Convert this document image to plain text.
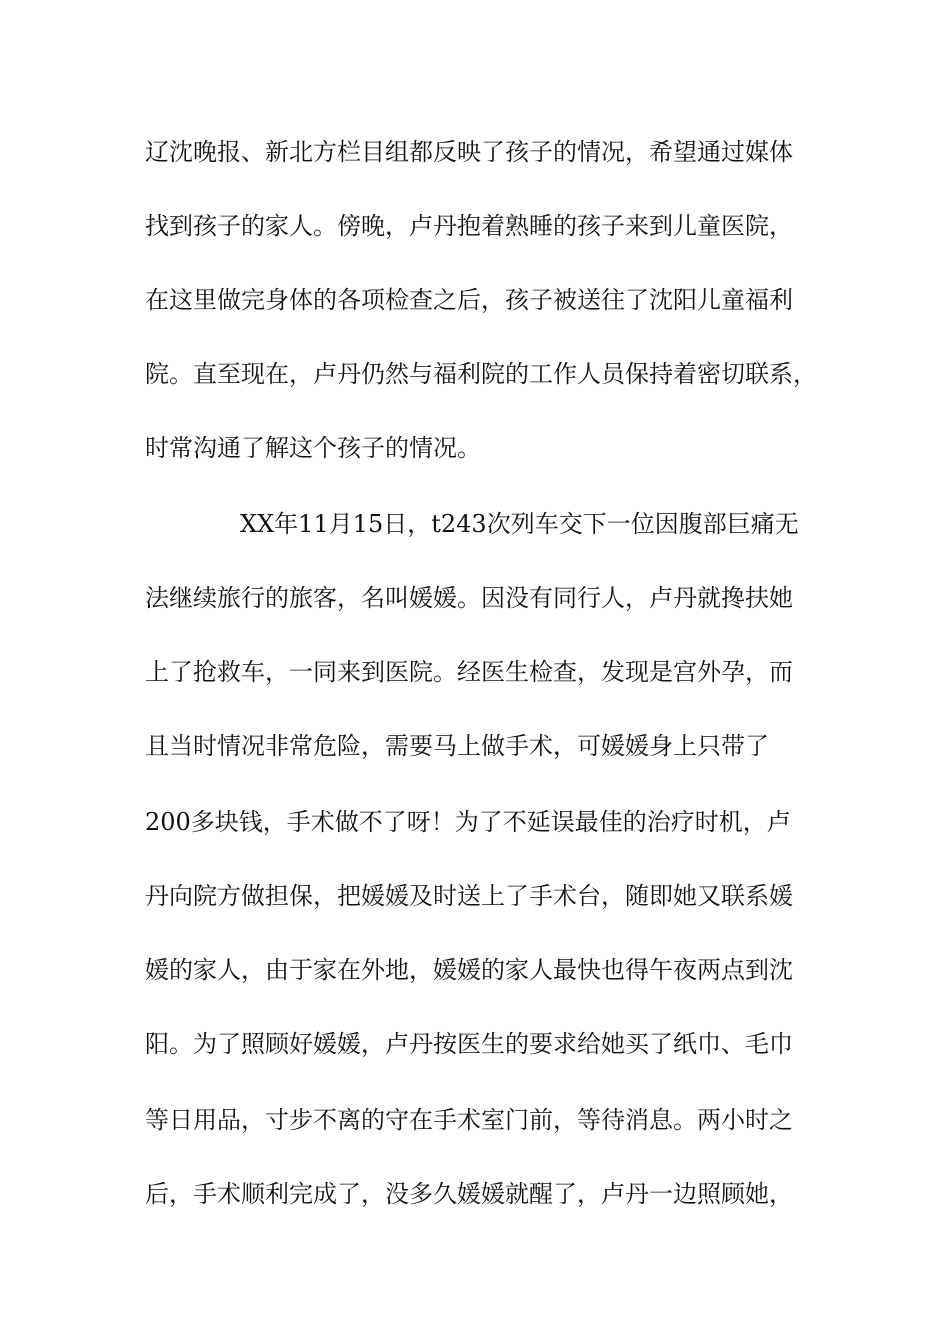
辽沈晚报、新北方栏目组都反映了孩子的情况，希望通过媒体
找到孩子的家人。傍晚，卢丹抱着熟睡的孩子来到儿童医院，
在这里做完身体的各项检查之后，孩子被送往了沈阳儿童福利
院。直至现在，卢丹仍然与福利院的工作人员保持着密切联系，
时常沟通了解这个孩子的情况。
XX年11月15日，t243次列车交下一位因腹部巨痛无
法继续旅行的旅客，名叫媛媛。因没有同行人，卢丹就搀扶她
上了抢救车，一同来到医院。经医生检查，发现是宫外孕，而
且当时情况非常危险，需要马上做手术，可媛媛身上只带了
200多块钱，手术做不了呀！为了不延误最佳的治疗时机，卢
丹向院方做担保，把媛媛及时送上了手术台，随即她又联系媛
媛的家人，由于家在外地，媛媛的家人最快也得午夜两点到沈
阳。为了照顾好媛媛，卢丹按医生的要求给她买了纸巾、毛巾
等日用品，寸步不离的守在手术室门前，等待消息。两小时之
后，手术顺利完成了，没多久媛媛就醒了，卢丹一边照顾她，
